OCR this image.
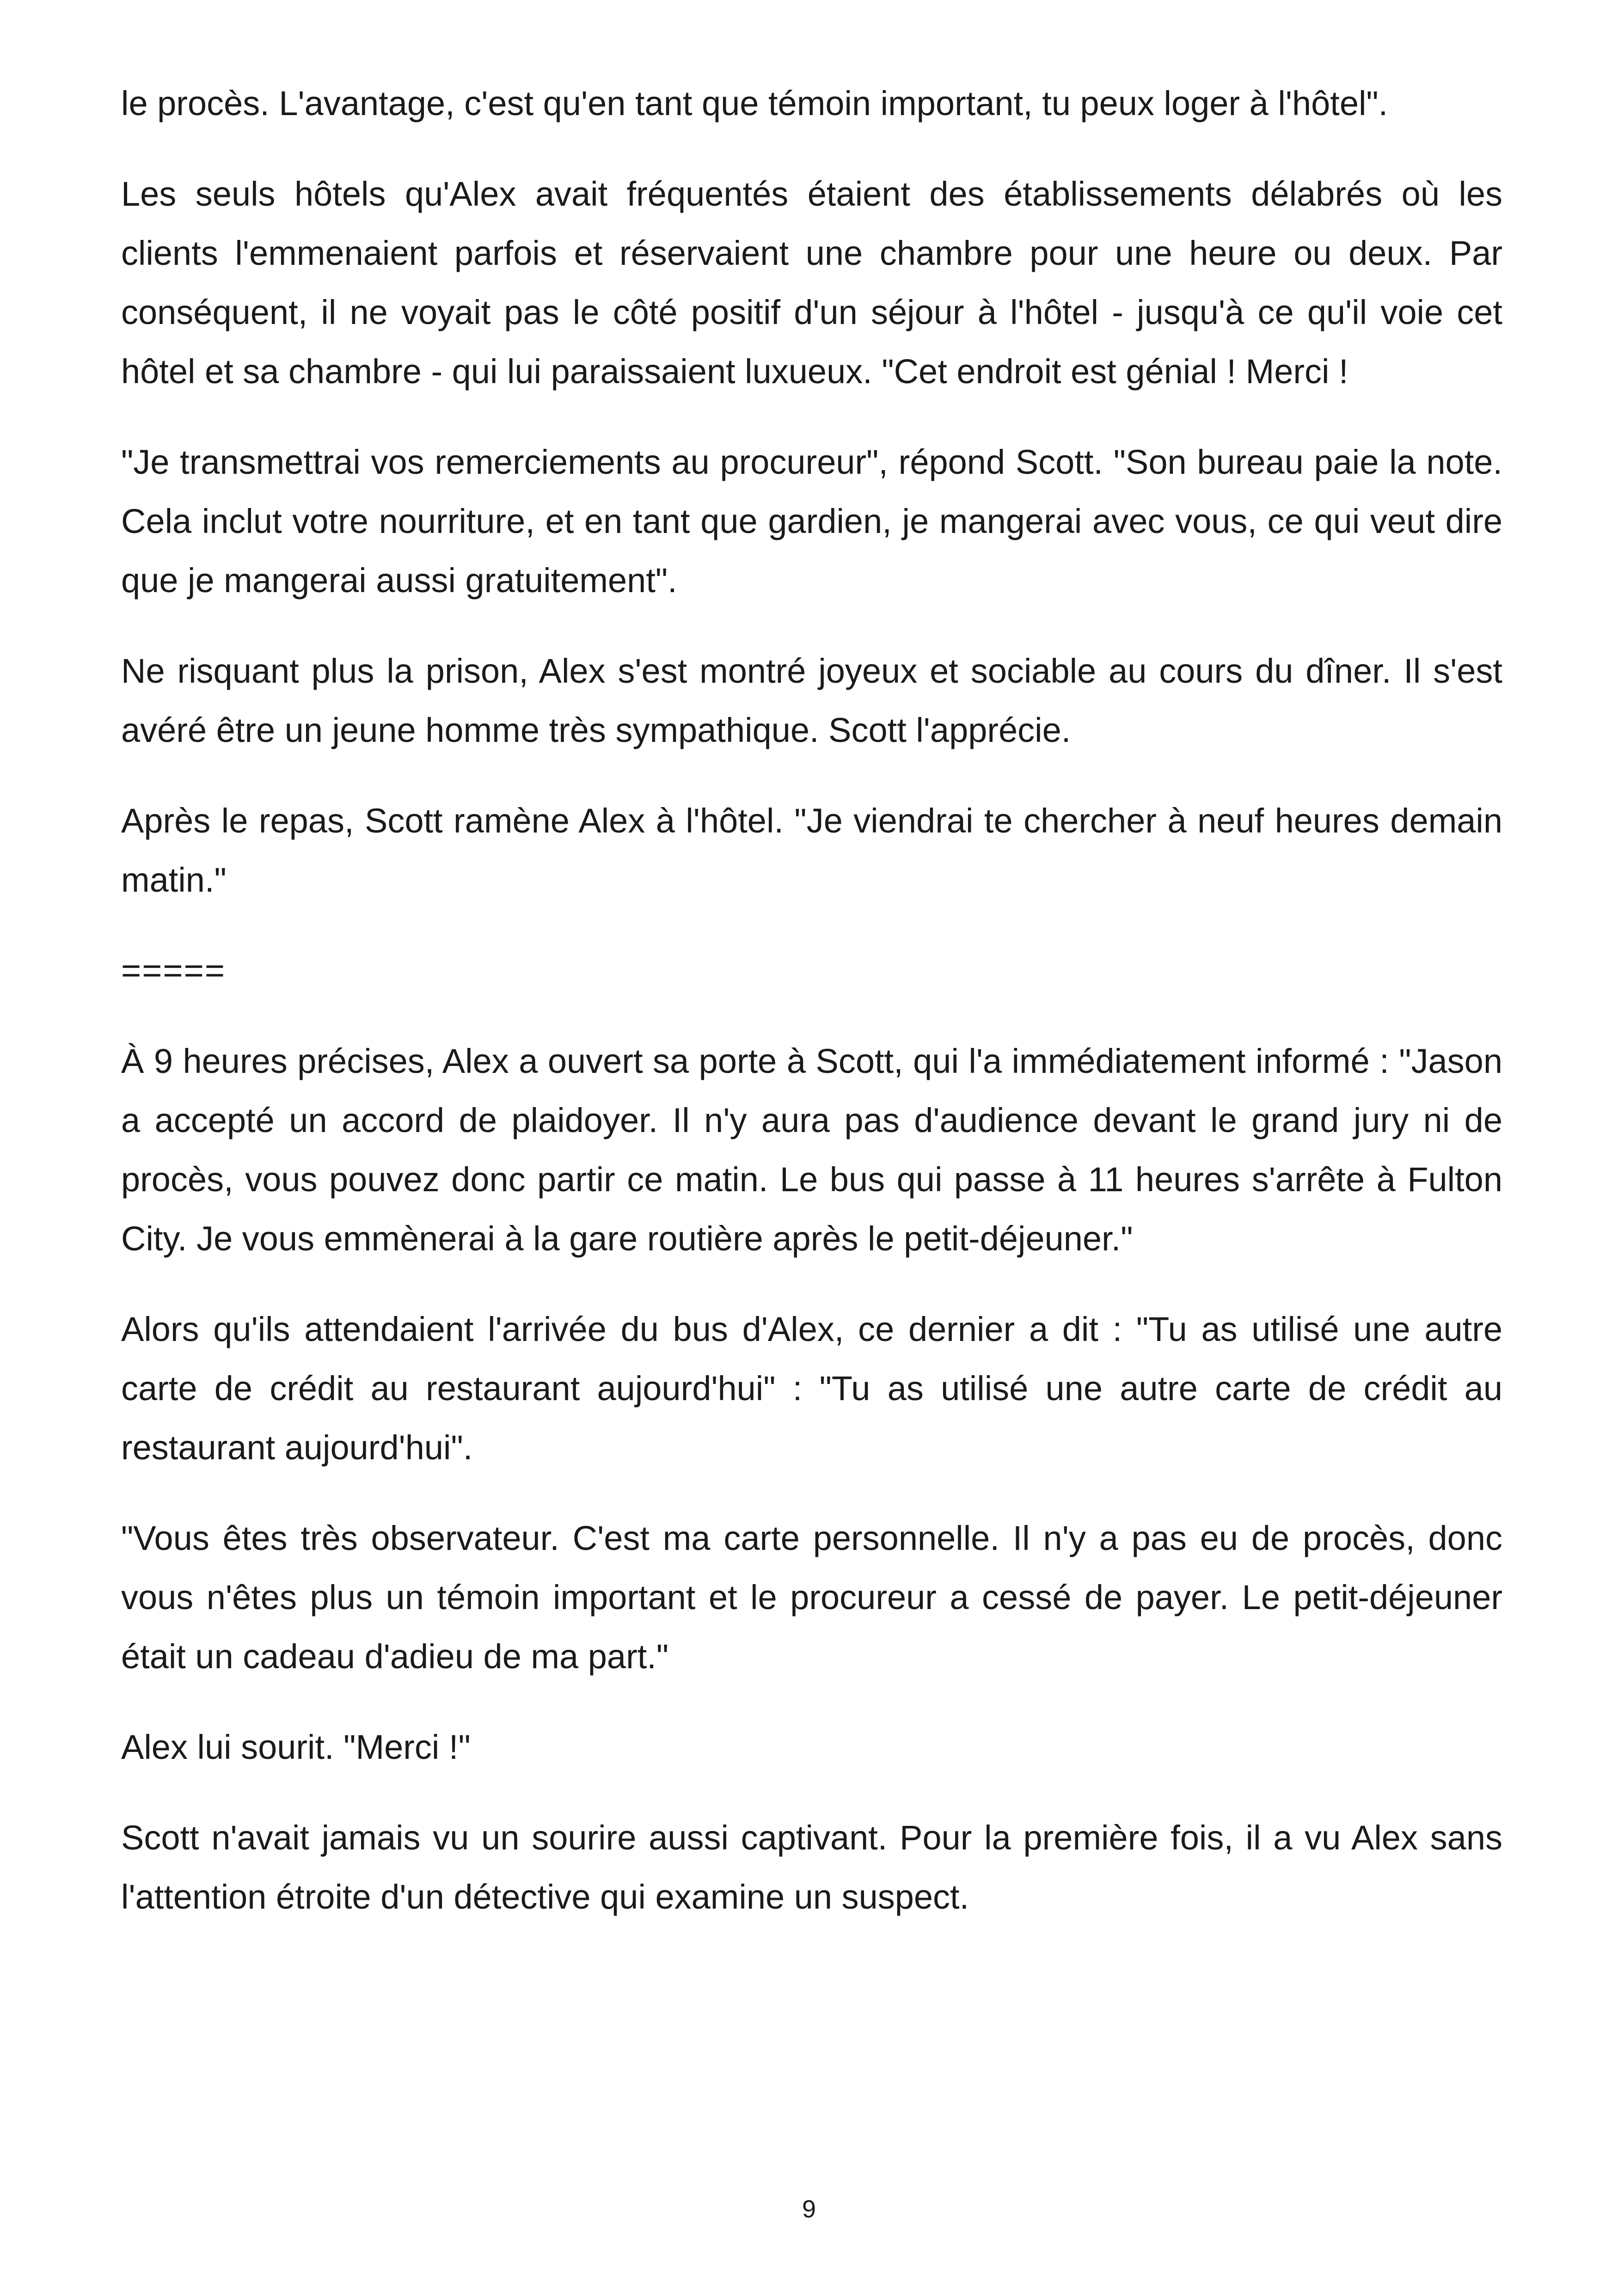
le procès. L'avantage, c'est qu'en tant que témoin important, tu peux loger à l'hôtel".

Les seuls hôtels qu'Alex avait fréquentés étaient des établissements délabrés où les clients l'emmenaient parfois et réservaient une chambre pour une heure ou deux. Par conséquent, il ne voyait pas le côté positif d'un séjour à l'hôtel - jusqu'à ce qu'il voie cet hôtel et sa chambre - qui lui paraissaient luxueux. "Cet endroit est génial ! Merci !

"Je transmettrai vos remerciements au procureur", répond Scott. "Son bureau paie la note. Cela inclut votre nourriture, et en tant que gardien, je mangerai avec vous, ce qui veut dire que je mangerai aussi gratuitement".

Ne risquant plus la prison, Alex s'est montré joyeux et sociable au cours du dîner. Il s'est avéré être un jeune homme très sympathique. Scott l'apprécie.

Après le repas, Scott ramène Alex à l'hôtel. "Je viendrai te chercher à neuf heures demain matin."

=====

À 9 heures précises, Alex a ouvert sa porte à Scott, qui l'a immédiatement informé : "Jason a accepté un accord de plaidoyer. Il n'y aura pas d'audience devant le grand jury ni de procès, vous pouvez donc partir ce matin. Le bus qui passe à 11 heures s'arrête à Fulton City. Je vous emmènerai à la gare routière après le petit-déjeuner."

Alors qu'ils attendaient l'arrivée du bus d'Alex, ce dernier a dit : "Tu as utilisé une autre carte de crédit au restaurant aujourd'hui" : "Tu as utilisé une autre carte de crédit au restaurant aujourd'hui".

"Vous êtes très observateur. C'est ma carte personnelle. Il n'y a pas eu de procès, donc vous n'êtes plus un témoin important et le procureur a cessé de payer. Le petit-déjeuner était un cadeau d'adieu de ma part."

Alex lui sourit. "Merci !"

Scott n'avait jamais vu un sourire aussi captivant. Pour la première fois, il a vu Alex sans l'attention étroite d'un détective qui examine un suspect.

9
